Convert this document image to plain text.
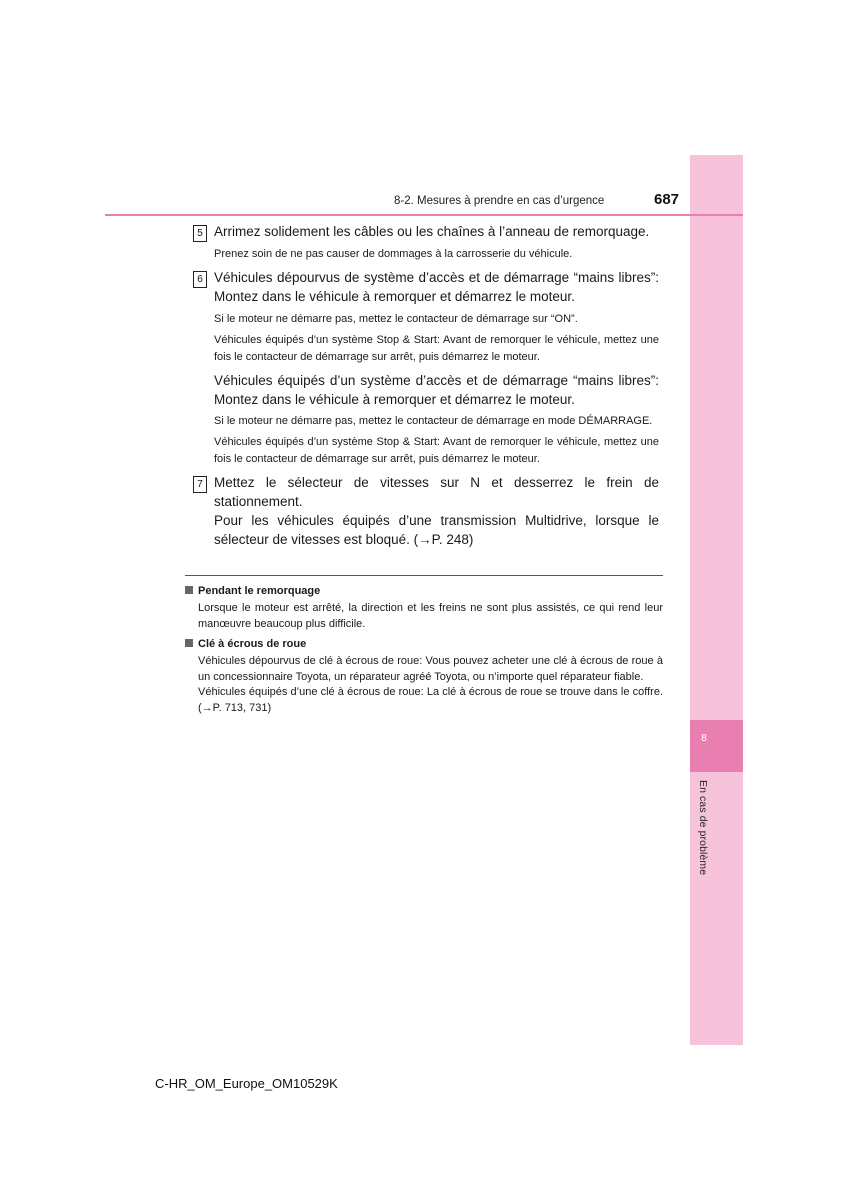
8
En cas de problème
8-2. Mesures à prendre en cas d’urgence	687
5 Arrimez solidement les câbles ou les chaînes à l’anneau de remorquage.

Prenez soin de ne pas causer de dommages à la carrosserie du véhicule.

6 Véhicules dépourvus de système d’accès et de démarrage “mains libres”: Montez dans le véhicule à remorquer et démarrez le moteur.

Si le moteur ne démarre pas, mettez le contacteur de démarrage sur “ON”.

Véhicules équipés d’un système Stop & Start: Avant de remorquer le véhicule, mettez une fois le contacteur de démarrage sur arrêt, puis démarrez le moteur.

Véhicules équipés d’un système d’accès et de démarrage “mains libres”: Montez dans le véhicule à remorquer et démarrez le moteur.

Si le moteur ne démarre pas, mettez le contacteur de démarrage en mode DÉMARRAGE.

Véhicules équipés d’un système Stop & Start: Avant de remorquer le véhicule, mettez une fois le contacteur de démarrage sur arrêt, puis démarrez le moteur.

7 Mettez le sélecteur de vitesses sur N et desserrez le frein de stationnement.

Pour les véhicules équipés d’une transmission Multidrive, lorsque le sélecteur de vitesses est bloqué. (→P. 248)

Pendant le remorquage

Lorsque le moteur est arrêté, la direction et les freins ne sont plus assistés, ce qui rend leur manœuvre beaucoup plus difficile.

Clé à écrous de roue

Véhicules dépourvus de clé à écrous de roue: Vous pouvez acheter une clé à écrous de roue à un concessionnaire Toyota, un réparateur agréé Toyota, ou n’importe quel réparateur fiable.

Véhicules équipés d’une clé à écrous de roue: La clé à écrous de roue se trouve dans le coffre. (→P. 713, 731)

C-HR_OM_Europe_OM10529K
